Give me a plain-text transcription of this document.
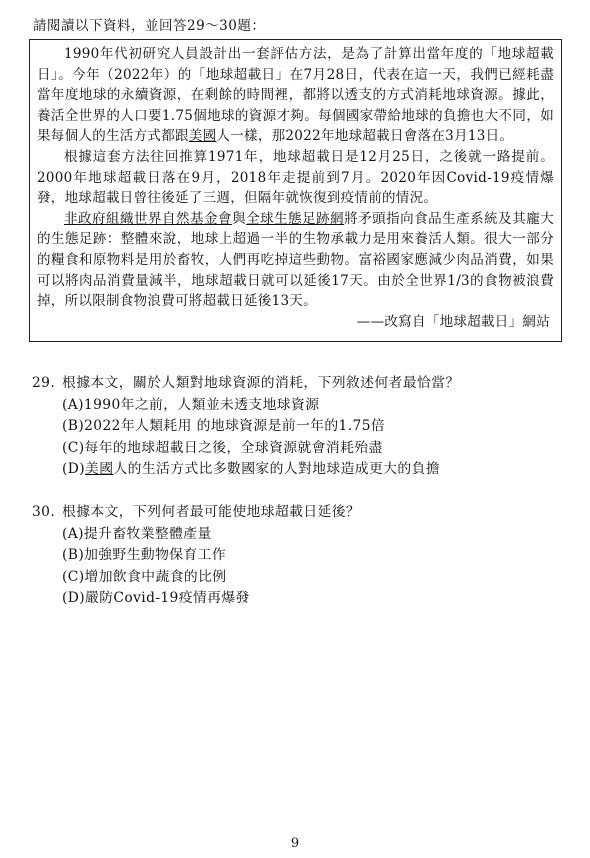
請閱讀以下資料，並回答29～30題：

1990年代初研究人員設計出一套評估方法，是為了計算出當年度的「地球超載日」。今年（2022年）的「地球超載日」在7月28日，代表在這一天，我們已經耗盡當年度地球的永續資源，在剩餘的時間裡，都將以透支的方式消耗地球資源。據此，養活全世界的人口要1.75個地球的資源才夠。每個國家帶給地球的負擔也大不同，如果每個人的生活方式都跟美國人一樣，那2022年地球超載日會落在3月13日。

根據這套方法往回推算1971年，地球超載日是12月25日，之後就一路提前。2000年地球超載日落在9月，2018年走提前到7月。2020年因Covid-19疫情爆發，地球超載日曾往後延了三週，但隔年就恢復到疫情前的情況。

非政府組織世界自然基金會與全球生態足跡網將矛頭指向食品生產系統及其龐大的生態足跡：整體來說，地球上超過一半的生物承載力是用來養活人類。很大一部分的糧食和原物料是用於畜牧，人們再吃掉這些動物。富裕國家應減少肉品消費，如果可以將肉品消費量減半，地球超載日就可以延後17天。由於全世界1/3的食物被浪費掉，所以限制食物浪費可將超載日延後13天。

——改寫自「地球超載日」網站

29. 根據本文，關於人類對地球資源的消耗，下列敘述何者最恰當？
(A)1990年之前，人類並未透支地球資源
(B)2022年人類耗用 的地球資源是前一年的1.75倍
(C)每年的地球超載日之後，全球資源就會消耗殆盡
(D)美國人的生活方式比多數國家的人對地球造成更大的負擔
30. 根據本文，下列何者最可能使地球超載日延後？
(A)提升畜牧業整體產量
(B)加強野生動物保育工作
(C)增加飲食中蔬食的比例
(D)嚴防Covid-19疫情再爆發
9
